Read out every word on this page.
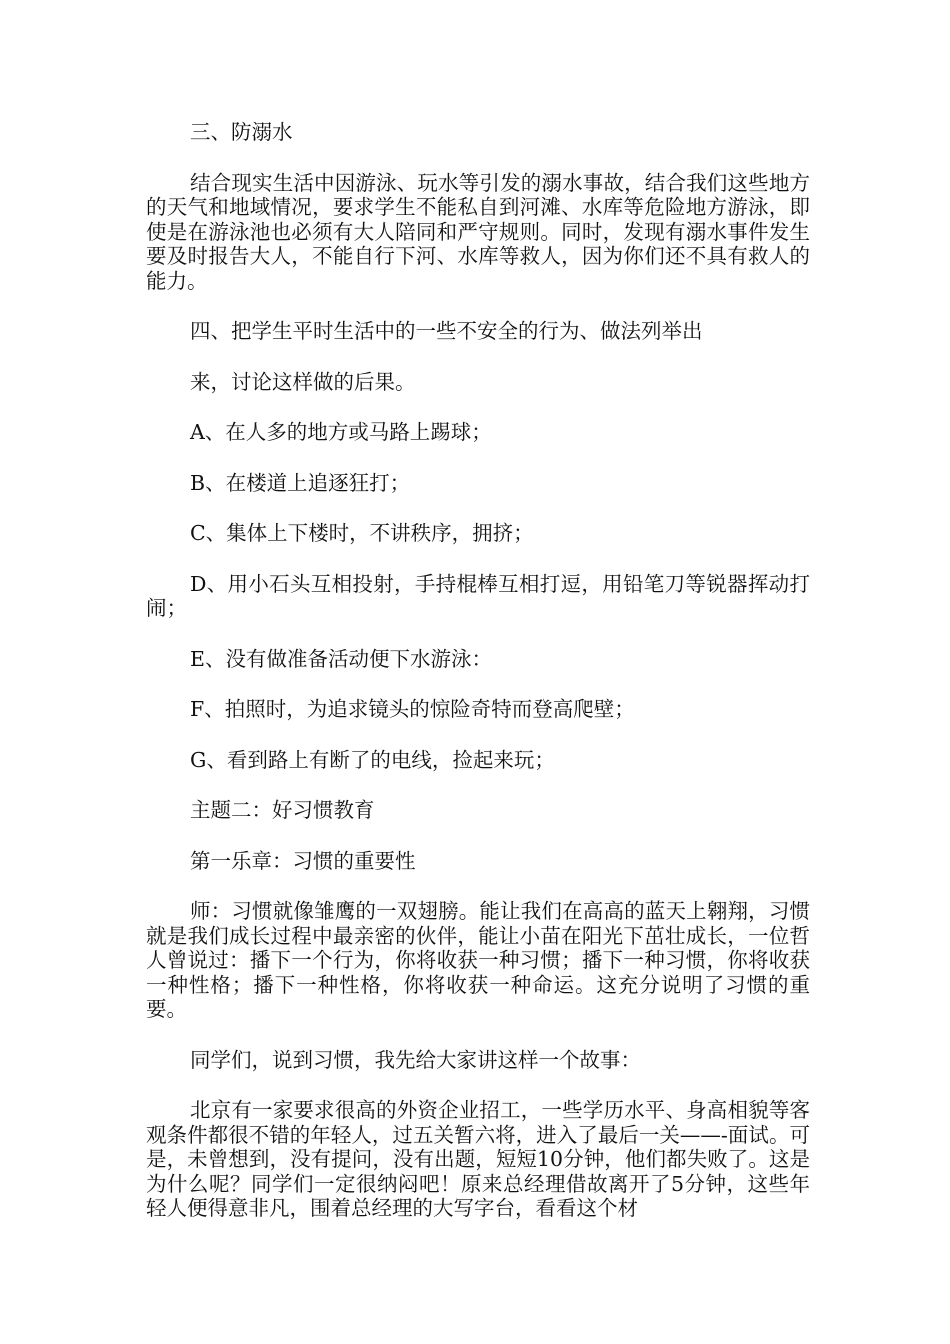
三、防溺水

结合现实生活中因游泳、玩水等引发的溺水事故，结合我们这些地方的天气和地域情况，要求学生不能私自到河滩、水库等危险地方游泳，即使是在游泳池也必须有大人陪同和严守规则。同时，发现有溺水事件发生要及时报告大人，不能自行下河、水库等救人，因为你们还不具有救人的能力。

四、把学生平时生活中的一些不安全的行为、做法列举出

来，讨论这样做的后果。

A、在人多的地方或马路上踢球；

B、在楼道上追逐狂打；

C、集体上下楼时，不讲秩序，拥挤；

D、用小石头互相投射，手持棍棒互相打逗，用铅笔刀等锐器挥动打闹；

E、没有做准备活动便下水游泳：

F、拍照时，为追求镜头的惊险奇特而登高爬壁；

G、看到路上有断了的电线，捡起来玩；

主题二：好习惯教育

第一乐章：习惯的重要性

师：习惯就像雏鹰的一双翅膀。能让我们在高高的蓝天上翱翔，习惯就是我们成长过程中最亲密的伙伴，能让小苗在阳光下茁壮成长，一位哲人曾说过：播下一个行为，你将收获一种习惯；播下一种习惯，你将收获一种性格；播下一种性格，你将收获一种命运。这充分说明了习惯的重要。

同学们，说到习惯，我先给大家讲这样一个故事：

北京有一家要求很高的外资企业招工，一些学历水平、身高相貌等客观条件都很不错的年轻人，过五关暂六将，进入了最后一关——-面试。可是，未曾想到，没有提问，没有出题，短短10分钟，他们都失败了。这是为什么呢？同学们一定很纳闷吧！原来总经理借故离开了5分钟，这些年轻人便得意非凡，围着总经理的大写字台，看看这个材
